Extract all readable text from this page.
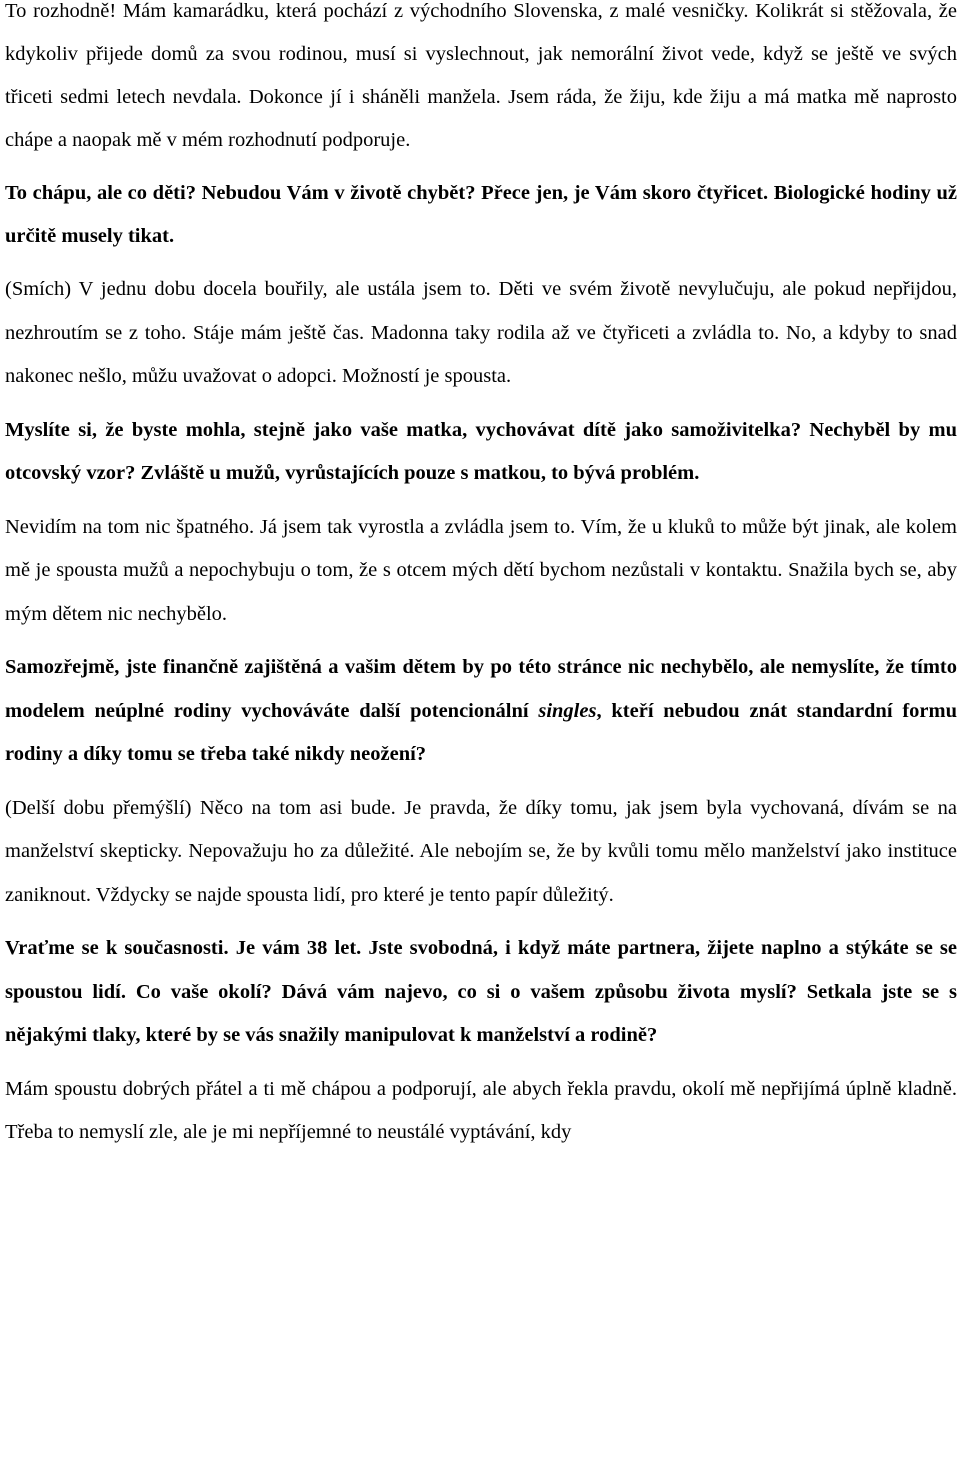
To rozhodně! Mám kamarádku, která pochází z východního Slovenska, z malé vesničky. Kolikrát si stěžovala, že kdykoliv přijede domů za svou rodinou, musí si vyslechnout, jak nemorální život vede, když se ještě ve svých třiceti sedmi letech nevdala. Dokonce jí i sháněli manžela. Jsem ráda, že žiju, kde žiju a má matka mě naprosto chápe a naopak mě v mém rozhodnutí podporuje.

To chápu, ale co děti? Nebudou Vám v životě chybět? Přece jen, je Vám skoro čtyřicet. Biologické hodiny už určitě musely tikat.

(Smích) V jednu dobu docela bouřily, ale ustála jsem to. Děti ve svém životě nevylučuju, ale pokud nepřijdou, nezhroutím se z toho. Stáje mám ještě čas. Madonna taky rodila až ve čtyřiceti a zvládla to. No, a kdyby to snad nakonec nešlo, můžu uvažovat o adopci. Možností je spousta.

Myslíte si, že byste mohla, stejně jako vaše matka, vychovávat dítě jako samoživitelka? Nechyběl by mu otcovský vzor? Zvláště u mužů, vyrůstajících pouze s matkou, to bývá problém.

Nevidím na tom nic špatného. Já jsem tak vyrostla a zvládla jsem to. Vím, že u kluků to může být jinak, ale kolem mě je spousta mužů a nepochybuju o tom, že s otcem mých dětí bychom nezůstali v kontaktu. Snažila bych se, aby mým dětem nic nechybělo.

Samozřejmě, jste finančně zajištěná a vašim dětem by po této stránce nic nechybělo, ale nemyslíte, že tímto modelem neúplné rodiny vychováváte další potencionální singles, kteří nebudou znát standardní formu rodiny a díky tomu se třeba také nikdy neožení?

(Delší dobu přemýšlí) Něco na tom asi bude. Je pravda, že díky tomu, jak jsem byla vychovaná, dívám se na manželství skepticky. Nepovažuju ho za důležité. Ale nebojím se, že by kvůli tomu mělo manželství jako instituce zaniknout. Vždycky se najde spousta lidí, pro které je tento papír důležitý.

Vraťme se k současnosti. Je vám 38 let. Jste svobodná, i když máte partnera, žijete naplno a stýkáte se se spoustou lidí. Co vaše okolí? Dává vám najevo, co si o vašem způsobu života myslí? Setkala jste se s nějakými tlaky, které by se vás snažily manipulovat k manželství a rodině?

Mám spoustu dobrých přátel a ti mě chápou a podporují, ale abych řekla pravdu, okolí mě nepřijímá úplně kladně. Třeba to nemyslí zle, ale je mi nepříjemné to neustálé vyptávání, kdy
